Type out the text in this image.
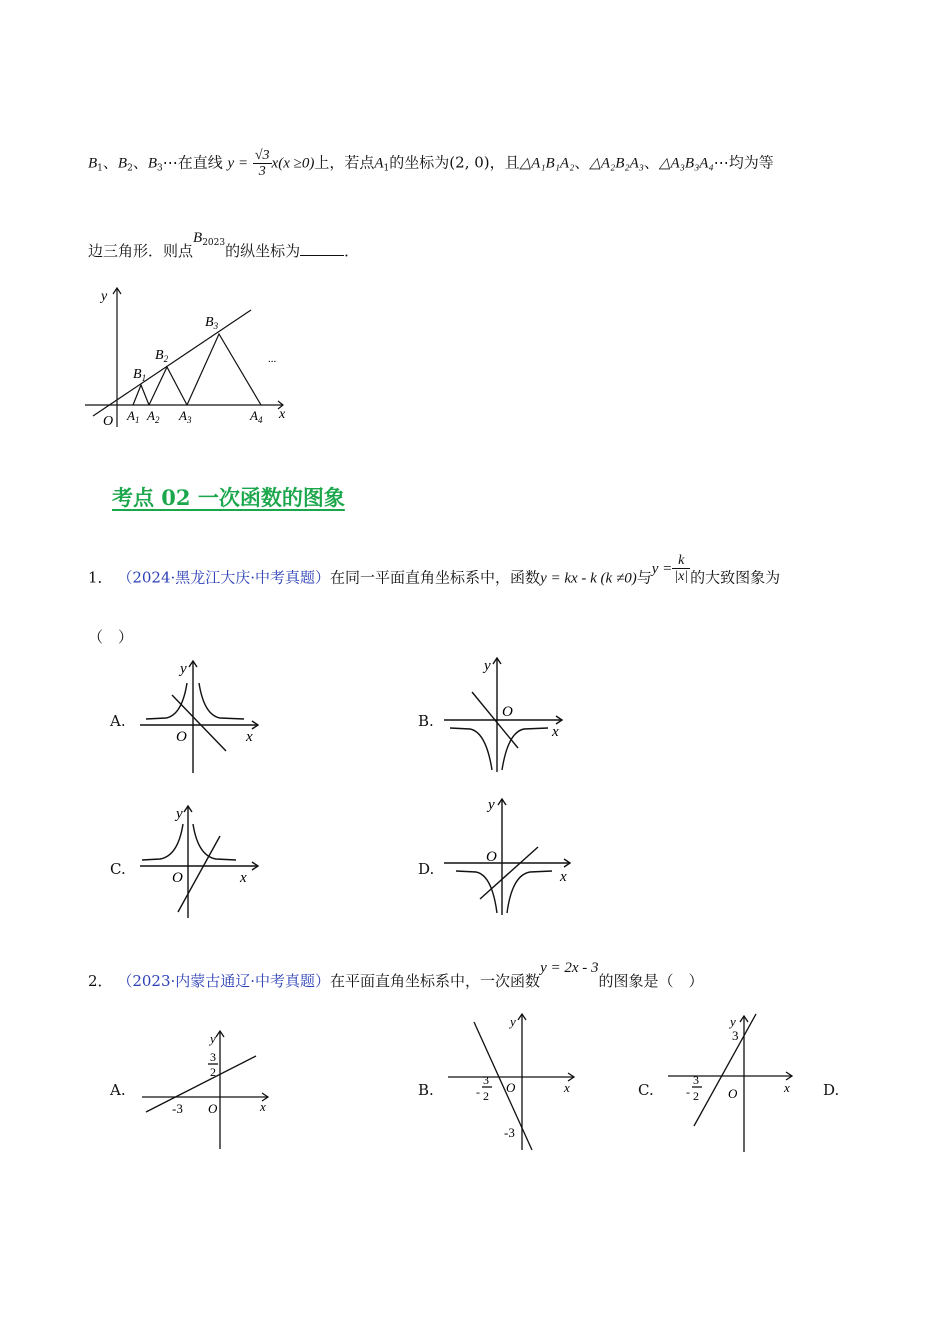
$B_1$、$B_2$、$B_3\cdots$在直线 $y = \frac{√3}{3} x(x \ge 0)$上，若点$A_1$的坐标为(2, 0)，且△A₁B₁A₂、△A₂B₂A₃、△A₃B₃A₄⋯均为等
边三角形．则点$B^{2023}$的纵坐标为	．
y
x
O
$B_1$
$B_2$
$B_3$
$A_1$ $A_2$ $A_3$	$A_4$
...
考点 02 一次函数的图象
1． （2024·黑龙江大庆·中考真题）在同一平面直角坐标系中，函数y = kx - k (k ≠0)与$y = \frac{k}{|x|}$ 的大致图象为
（　）
A.	B.
C.	D.
y
x
O
y
x
O
y
x
O
y
x
O
2． （2023·内蒙古通辽·中考真题）在平面直角坐标系中，一次函数y = 2x - 3的图象是（　）
A.	B.	C.	D.
y
x
O
-3
3
2
y
x
O
-
3
2
-3
y
x
O
3
-
3
2
